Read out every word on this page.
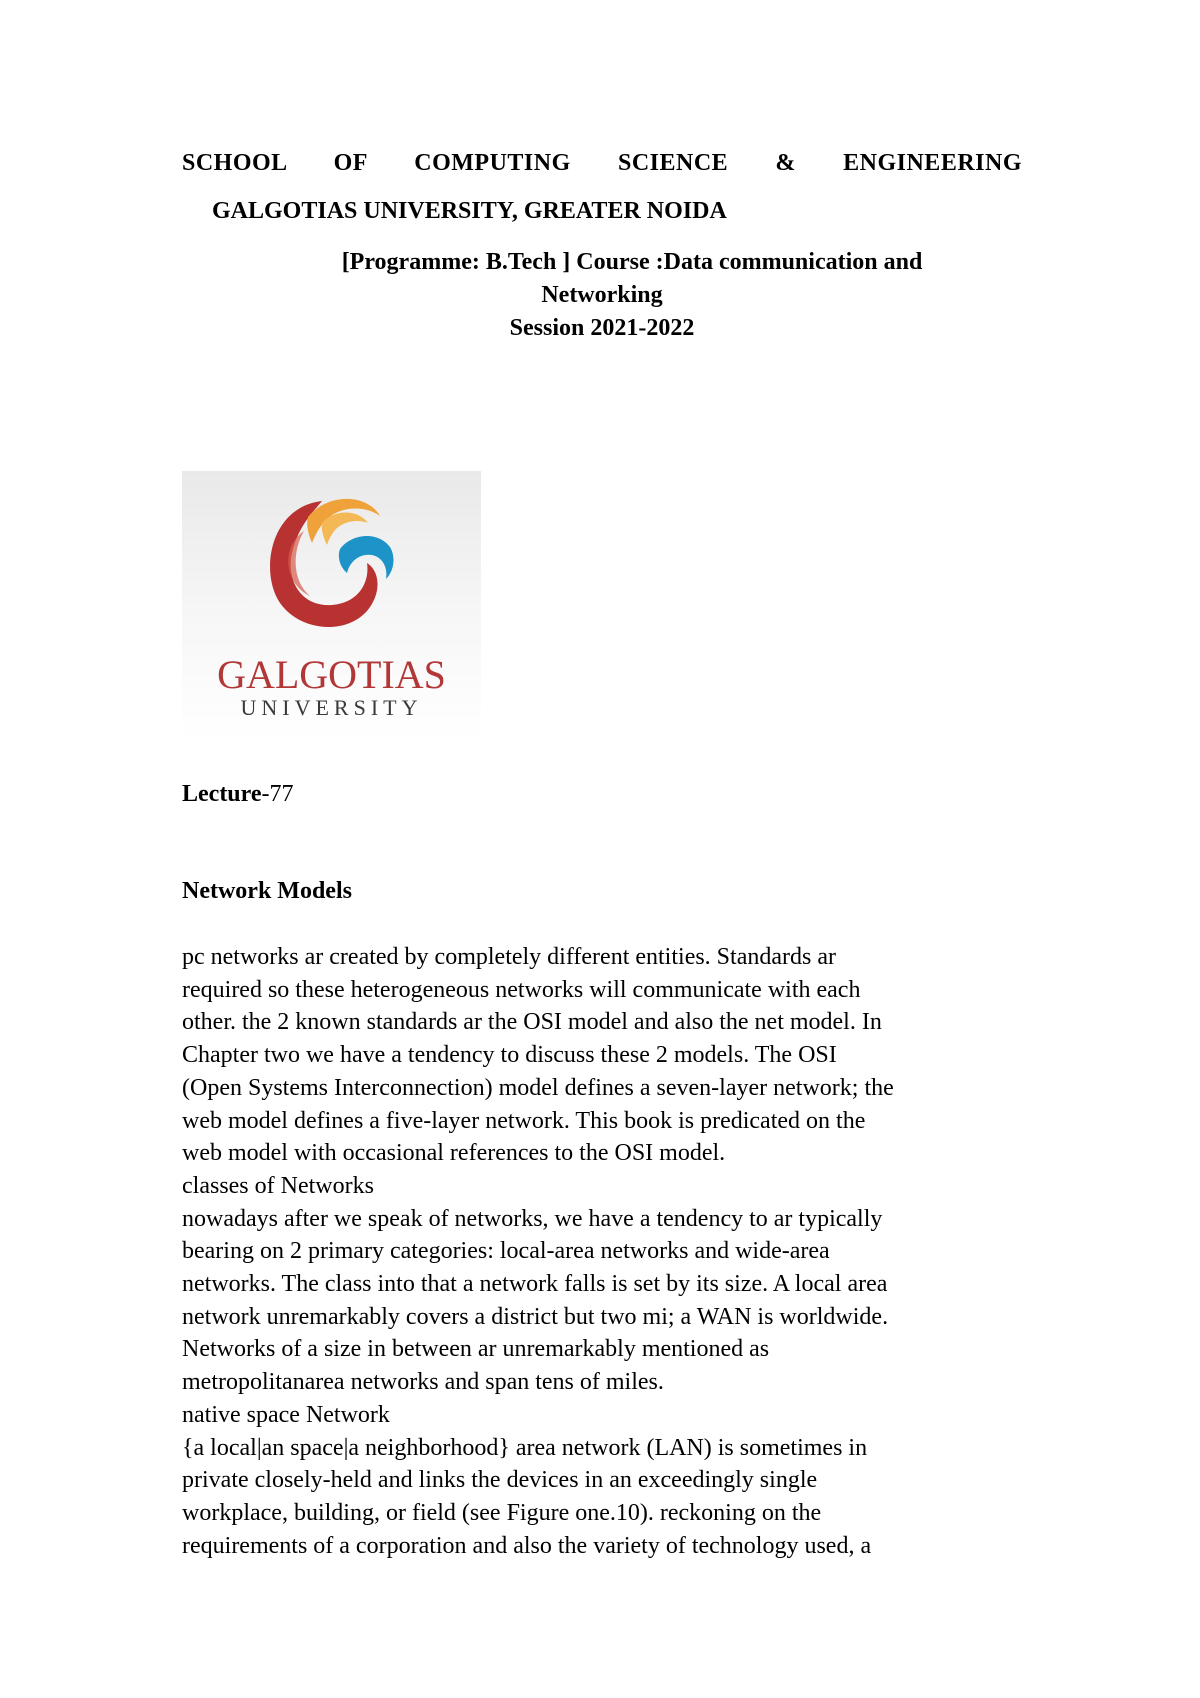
SCHOOL OF COMPUTING SCIENCE & ENGINEERING
GALGOTIAS UNIVERSITY, GREATER NOIDA
[Programme: B.Tech ] Course :Data communication and
Networking
Session 2021-2022
GALGOTIAS
UNIVERSITY
Lecture-77
Network Models
pc networks ar created by completely different entities. Standards ar
required so these heterogeneous networks will communicate with each
other. the 2 known standards ar the OSI model and also the net model. In
Chapter two we have a tendency to discuss these 2 models. The OSI
(Open Systems Interconnection) model defines a seven-layer network; the
web model defines a five-layer network. This book is predicated on the
web model with occasional references to the OSI model.
classes of Networks
nowadays after we speak of networks, we have a tendency to ar typically
bearing on 2 primary categories: local-area networks and wide-area
networks. The class into that a network falls is set by its size. A local area
network unremarkably covers a district but two mi; a WAN is worldwide.
Networks of a size in between ar unremarkably mentioned as
metropolitanarea networks and span tens of miles.
native space Network
{a local|an space|a neighborhood} area network (LAN) is sometimes in
private closely-held and links the devices in an exceedingly single
workplace, building, or field (see Figure one.10). reckoning on the
requirements of a corporation and also the variety of technology used, a
